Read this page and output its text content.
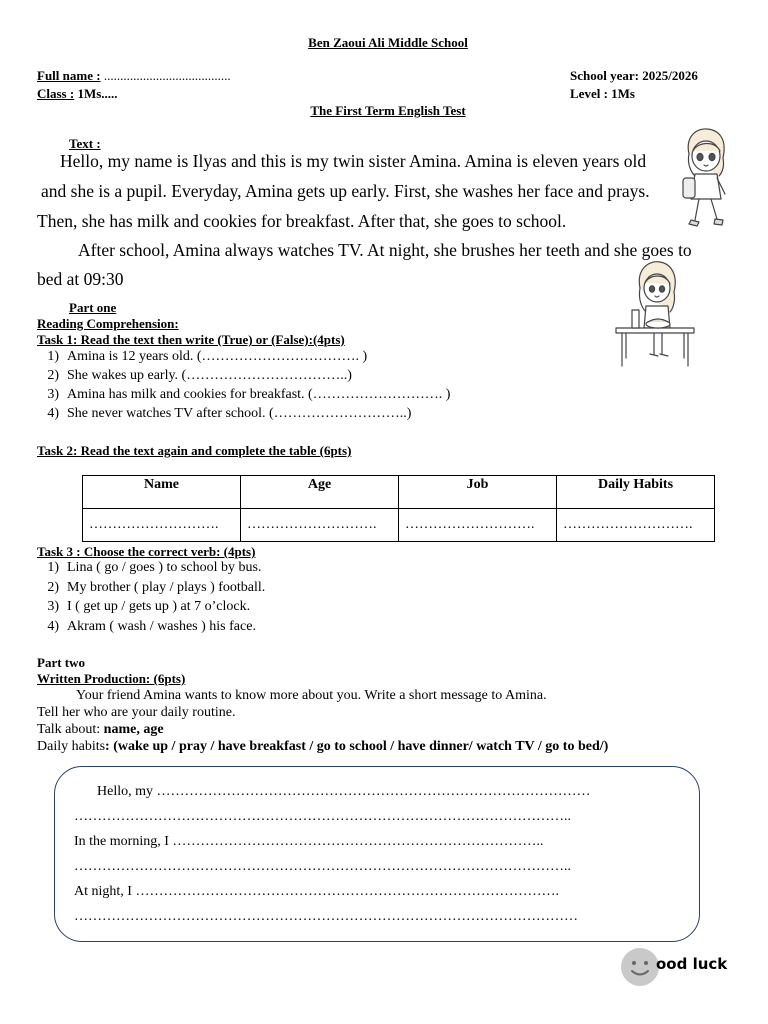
Ben Zaoui Ali Middle School
Full name : .......................................
Class : 1Ms.....
School year: 2025/2026
Level : 1Ms
The First Term English Test
Text :
Hello, my name is Ilyas and this is my twin sister Amina. Amina is eleven years old
and she is a pupil. Everyday, Amina gets up early. First, she washes her face and prays.
Then, she has milk and cookies for breakfast. After that, she goes to school.
After school, Amina always watches TV. At night, she brushes her teeth and she goes to
bed at 09:30
Part one
Reading Comprehension:
Task 1: Read the text then write (True) or (False):(4pts)
1) Amina is 12 years old. (……………………………. )
2) She wakes up early. (……………………………..)
3) Amina has milk and cookies for breakfast. (………………………. )
4) She never watches TV after school. (………………………..)
Task 2: Read the text again and complete the table (6pts)
Name	Age	Job	Daily Habits
……………………….	……………………….	……………………….	……………………….
Task 3 : Choose the correct verb: (4pts)
1) Lina ( go / goes ) to school by bus.
2) My brother ( play / plays ) football.
3) I ( get up / gets up ) at 7 o’clock.
4) Akram ( wash / washes ) his face.
Part two
Written Production: (6pts)
Your friend Amina wants to know more about you. Write a short message to Amina.
Tell her who are your daily routine.
Talk about: name, age
Daily habits: (wake up / pray / have breakfast / go to school / have dinner/ watch TV / go to bed/)
Hello, my …………………………………………………………………………………
……………………………………………………………………………………………..
In the morning, I ……………………………………………………………………..
……………………………………………………………………………………………..
At night, I ……………………………………………………………………………….
………………………………………………………………………………………………
ood luck
